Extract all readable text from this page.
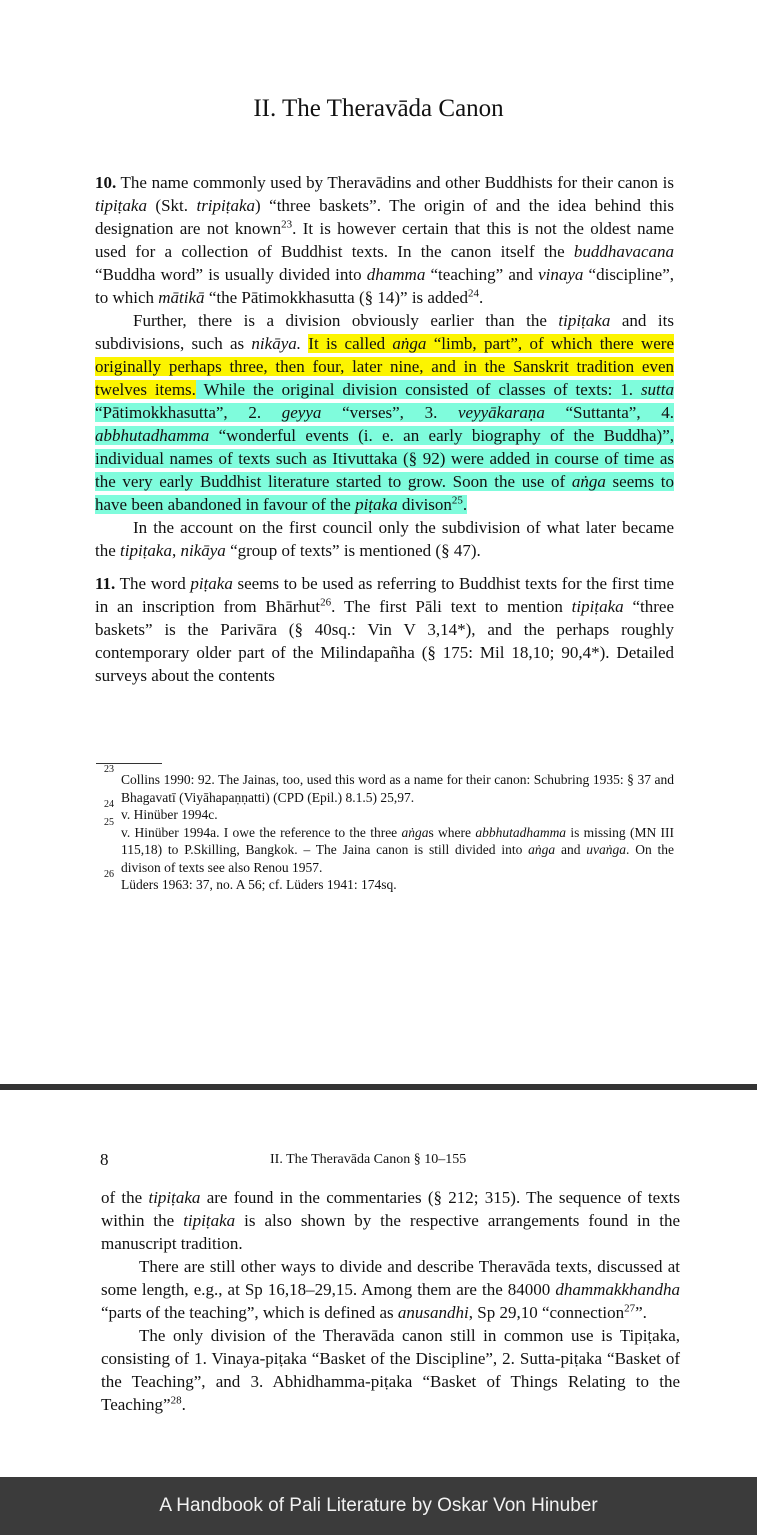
II. The Theravāda Canon

10. The name commonly used by Theravādins and other Buddhists for their canon is tipiṭaka (Skt. tripiṭaka) “three baskets”. The origin of and the idea behind this designation are not known$^{23}$. It is however certain that this is not the oldest name used for a collection of Buddhist texts. In the canon itself the buddhavacana “Buddha word” is usually divided into dhamma “teaching” and vinaya “discipline”, to which mātikā “the Pātimokkhasutta (§ 14)” is added$^{24}$.

Further, there is a division obviously earlier than the tipiṭaka and its subdivisions, such as nikāya. It is called aṅga “limb, part”, of which there were originally perhaps three, then four, later nine, and in the Sanskrit tradition even twelves items. While the original division consisted of classes of texts: 1. sutta “Pātimokkhasutta”, 2. geyya “verses”, 3. veyyākaraṇa “Suttanta”, 4. abbhutadhamma “wonderful events (i. e. an early biography of the Buddha)”, individual names of texts such as Itivuttaka (§ 92) were added in course of time as the very early Buddhist literature started to grow. Soon the use of aṅga seems to have been abandoned in favour of the piṭaka divison$^{25}$.

In the account on the first council only the subdivision of what later became the tipiṭaka, nikāya “group of texts” is mentioned (§ 47).

11. The word piṭaka seems to be used as referring to Buddhist texts for the first time in an inscription from Bhārhut$^{26}$. The first Pāli text to mention tipiṭaka “three baskets” is the Parivāra (§ 40sq.: Vin V 3,14*), and the perhaps roughly contemporary older part of the Milindapañha (§ 175: Mil 18,10; 90,4*). Detailed surveys about the contents

23
Collins 1990: 92. The Jainas, too, used this word as a name for their canon: Schubring 1935: § 37 and Bhagavatī (Viyāhapaṇṇatti) (CPD (Epil.) 8.1.5) 25,97.
24
v. Hinüber 1994c.
25
v. Hinüber 1994a. I owe the reference to the three aṅgas where abbhutadhamma is missing (MN III 115,18) to P.Skilling, Bangkok. – The Jaina canon is still divided into aṅga and uvaṅga. On the divison of texts see also Renou 1957.
26
Lüders 1963: 37, no. A 56; cf. Lüders 1941: 174sq.

of the tipiṭaka are found in the commentaries (§ 212; 315). The sequence of texts within the tipiṭaka is also shown by the respective arrangements found in the manuscript tradition.

There are still other ways to divide and describe Theravāda texts, discussed at some length, e.g., at Sp 16,18–29,15. Among them are the 84000 dhammakkhandha “parts of the teaching”, which is defined as anusandhi, Sp 29,10 “connection$^{27}$”.

The only division of the Theravāda canon still in common use is Tipiṭaka, consisting of 1. Vinaya-piṭaka “Basket of the Discipline”, 2. Sutta-piṭaka “Basket of the Teaching”, and 3. Abhidhamma-piṭaka “Basket of Things Relating to the Teaching”$^{28}$.

8	II. The Theravāda Canon § 10–155
A Handbook of Pali Literature by Oskar Von Hinuber
